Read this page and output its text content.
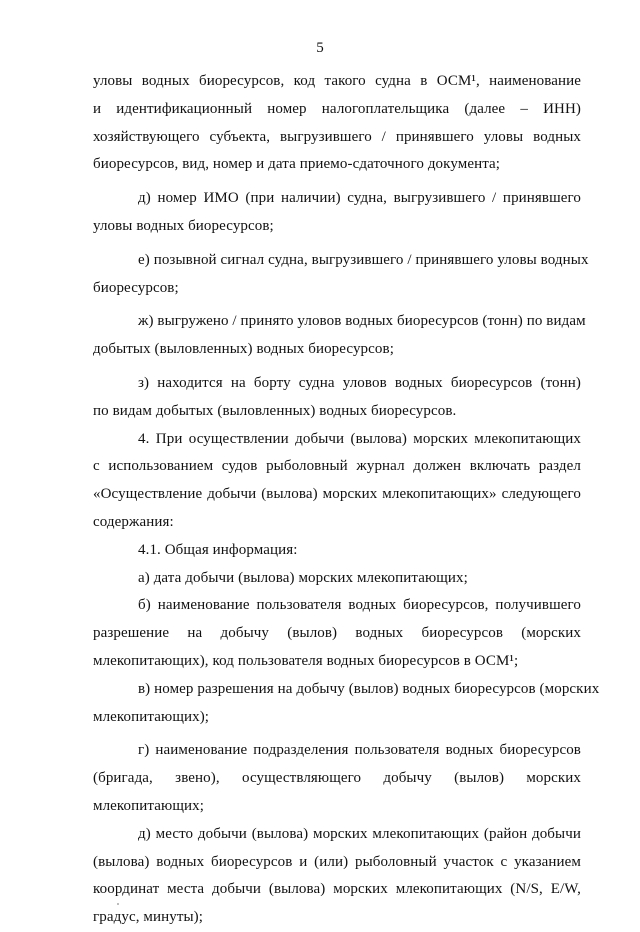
5
уловы водных биоресурсов, код такого судна в ОСМ¹, наименование
и идентификационный номер налогоплательщика (далее – ИНН)
хозяйствующего субъекта, выгрузившего / принявшего уловы водных
биоресурсов, вид, номер и дата приемо-сдаточного документа;
д) номер ИМО (при наличии) судна, выгрузившего / принявшего
уловы водных биоресурсов;
е) позывной сигнал судна, выгрузившего / принявшего уловы водных
биоресурсов;
ж) выгружено / принято уловов водных биоресурсов (тонн) по видам
добытых (выловленных) водных биоресурсов;
з) находится на борту судна уловов водных биоресурсов (тонн)
по видам добытых (выловленных) водных биоресурсов.
4. При осуществлении добычи (вылова) морских млекопитающих
с использованием судов рыболовный журнал должен включать раздел
«Осуществление добычи (вылова) морских млекопитающих» следующего
содержания:
4.1. Общая информация:
а) дата добычи (вылова) морских млекопитающих;
б) наименование пользователя водных биоресурсов, получившего
разрешение на добычу (вылов) водных биоресурсов (морских
млекопитающих), код пользователя водных биоресурсов в ОСМ¹;
в) номер разрешения на добычу (вылов) водных биоресурсов (морских
млекопитающих);
г) наименование подразделения пользователя водных биоресурсов
(бригада, звено), осуществляющего добычу (вылов) морских
млекопитающих;
д) место добычи (вылова) морских млекопитающих (район добычи
(вылова) водных биоресурсов и (или) рыболовный участок с указанием
координат места добычи (вылова) морских млекопитающих (N/S, E/W,
градус, минуты);
